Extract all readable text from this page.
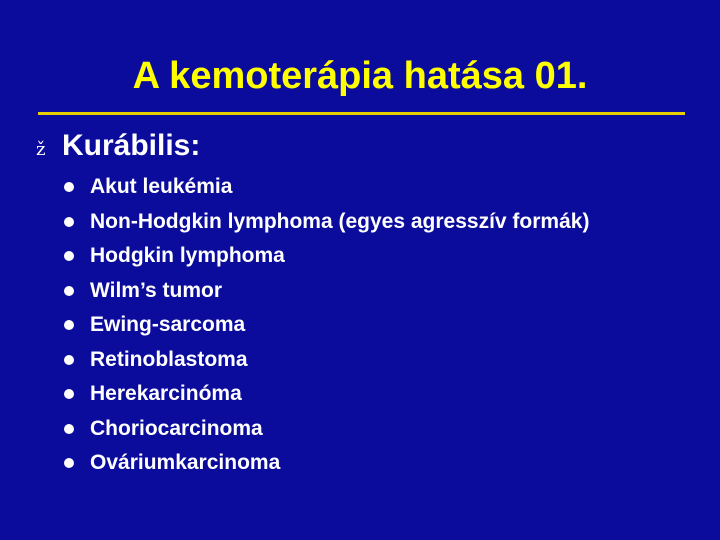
A kemoterápia hatása 01.
ž Kurábilis:
Akut leukémia
Non-Hodgkin lymphoma (egyes agresszív formák)
Hodgkin lymphoma
Wilm’s tumor
Ewing-sarcoma
Retinoblastoma
Herekarcinóma
Choriocarcinoma
Ováriumkarcinoma
